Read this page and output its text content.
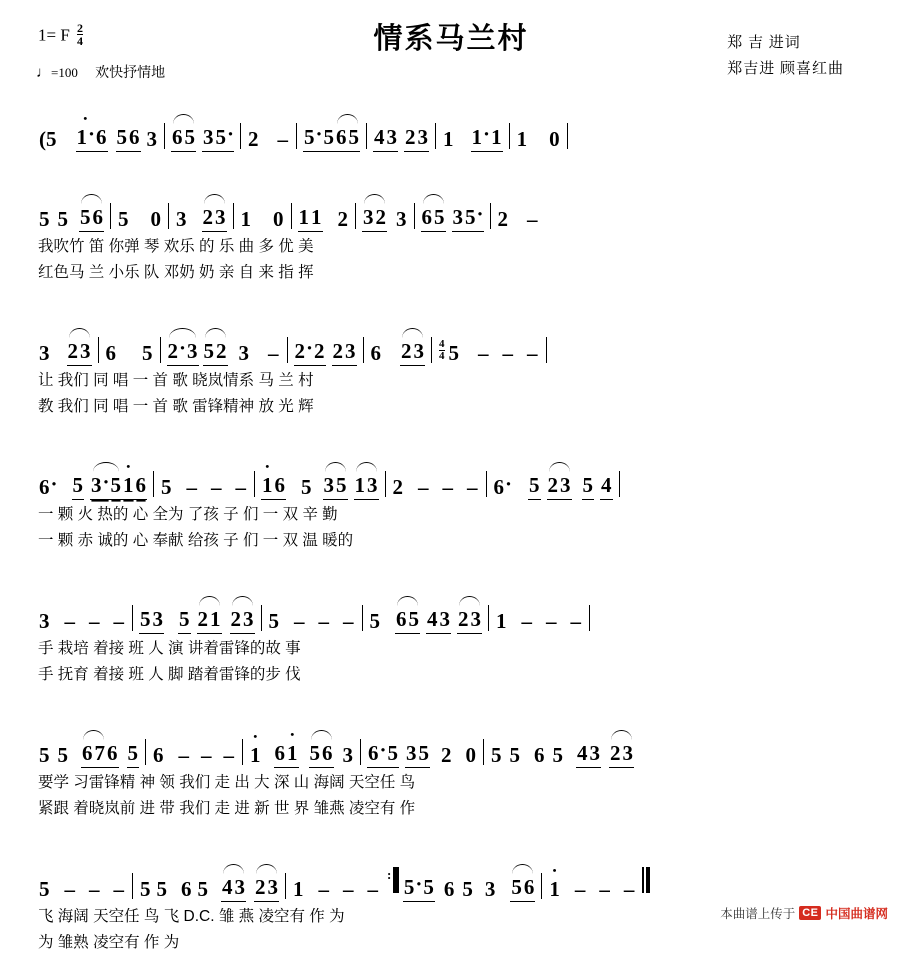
情系马兰村
1= F $\frac{2}{4}$
♩=100 欢快抒情地
郑 吉 进词
郑吉进 顾喜红曲
(5 • 1 · 6 5 6 3 65 3 5 ·	2 – 5 · 5 65 4 3 2 3 1 1 · 1 1 0
5 5 56 5 0 3 23 1 0 1 1 2 32 3 65 3 5 ·	2 –
我吹竹 笛 你弹 琴 欢乐 的 乐 曲 多 优 美
红色马 兰 小乐 队 邓奶 奶 亲 自 来 指 挥
3 23 6 5 2 · 3 52 3 – 2 · 2 2 3 6 $23 \frac{4}{4} 5$ – – –
让 我们 同 唱 一 首 歌 晓岚情系 马 兰 村
教 我们 同 唱 一 首 歌 雷锋精神 放 光 辉
6 ·	5 3 · 5 • 1 6 5 – – – • 1 6 5 35 13 2 – – – 6 ·	5 23 5 4
一 颗 火 热的 心 全为 了孩 子 们 一 双 辛 勤
一 颗 赤 诚的 心 奉献 给孩 子 们 一 双 温 暖的
3 – – – 5 3 5 21 23 5 – – – 5 65 4 3 23 1 – – –
手 栽培 着接 班 人 演 讲着雷锋的故 事
手 抚育 着接 班 人 脚 踏着雷锋的步 伐
5 5 67 6 5 6 – – – • 1 6 • 1 56 3 6 · 5 3 5 2 0 5 5 6 5 4 3 23
要学 习雷锋精 神 领 我们 走 出 大 深 山 海阔 天空任 鸟
紧跟 着晓岚前 进 带 我们 走 进 新 世 界 雏燕 凌空有 作
5 – – – 5 5 6 5 43 23 1 – – –
:
5 · 5 6 5 3 56 • 1 – – –
飞 海阔 天空任 鸟 飞 D.C. 雏 燕 凌空有 作 为
为 雏熟 凌空有 作 为
本曲谱上传于 CE 中国曲谱网
